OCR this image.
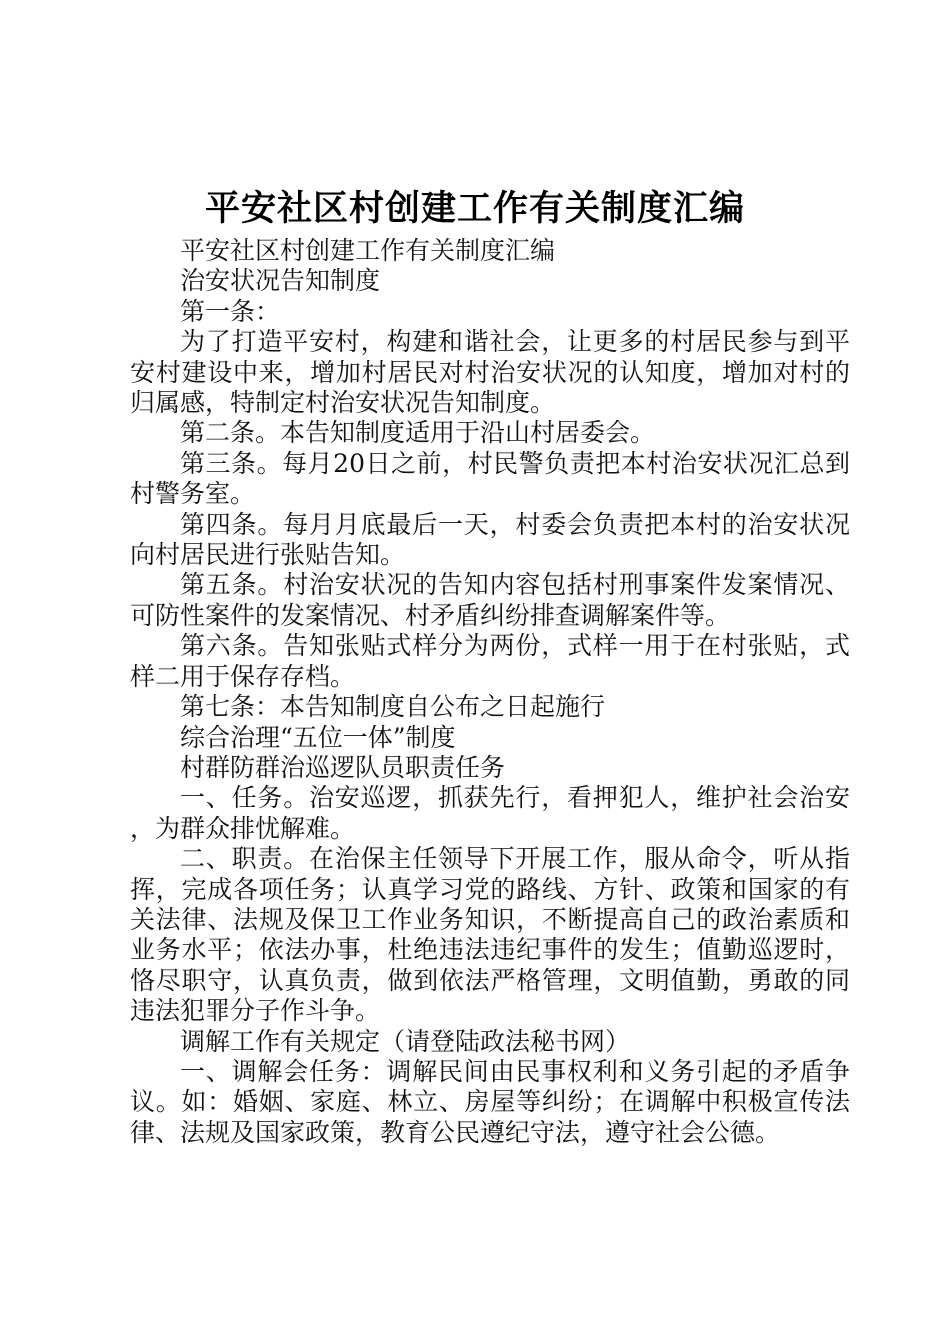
平安社区村创建工作有关制度汇编

平安社区村创建工作有关制度汇编

治安状况告知制度

第一条：

为了打造平安村，构建和谐社会，让更多的村居民参与到平安村建设中来，增加村居民对村治安状况的认知度，增加对村的归属感，特制定村治安状况告知制度。

第二条。本告知制度适用于沿山村居委会。

第三条。每月20日之前，村民警负责把本村治安状况汇总到村警务室。

第四条。每月月底最后一天，村委会负责把本村的治安状况向村居民进行张贴告知。

第五条。村治安状况的告知内容包括村刑事案件发案情况、可防性案件的发案情况、村矛盾纠纷排查调解案件等。

第六条。告知张贴式样分为两份，式样一用于在村张贴，式样二用于保存存档。

第七条：本告知制度自公布之日起施行

综合治理“五位一体”制度

村群防群治巡逻队员职责任务

一、任务。治安巡逻，抓获先行，看押犯人，维护社会治安，为群众排忧解难。

二、职责。在治保主任领导下开展工作，服从命令，听从指挥，完成各项任务；认真学习党的路线、方针、政策和国家的有关法律、法规及保卫工作业务知识，不断提高自己的政治素质和业务水平；依法办事，杜绝违法违纪事件的发生；值勤巡逻时，恪尽职守，认真负责，做到依法严格管理，文明值勤，勇敢的同违法犯罪分子作斗争。

调解工作有关规定（请登陆政法秘书网）

一、调解会任务：调解民间由民事权利和义务引起的矛盾争议。如：婚姻、家庭、林立、房屋等纠纷；在调解中积极宣传法律、法规及国家政策，教育公民遵纪守法，遵守社会公德。
